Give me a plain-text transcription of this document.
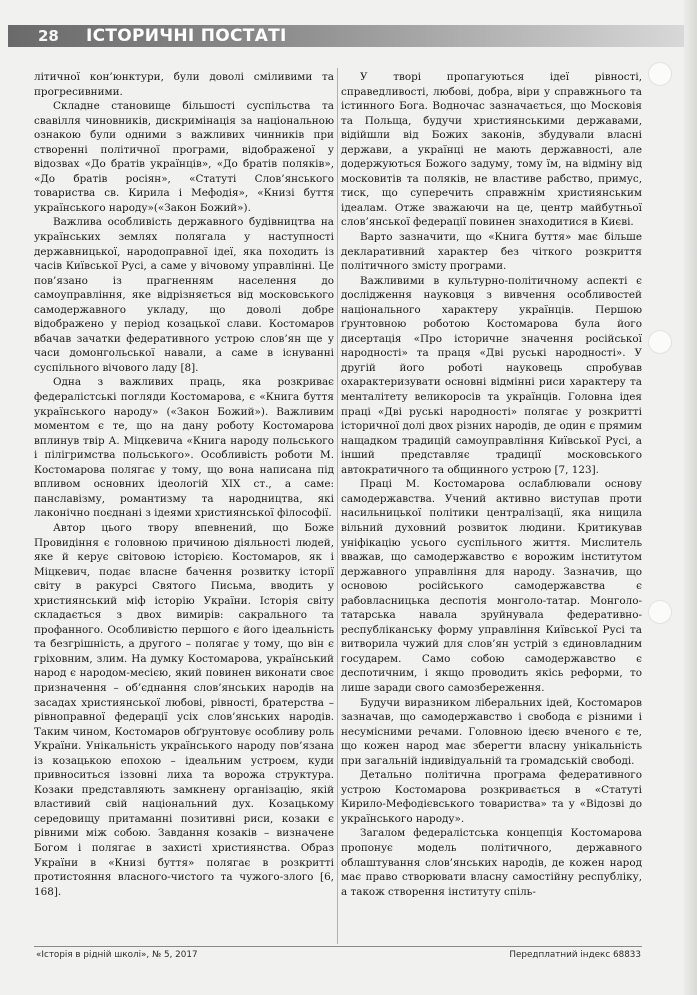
28 ІСТОРИЧНІ ПОСТАТІ

літичної кон’юнктури, були доволі сміливими та прогресивними.

Складне становище більшості суспільства та свавілля чиновників, дискримінація за національною ознакою були одними з важливих чинників при створенні політичної програми, відображеної у відозвах «До братів українців», «До братів поляків», «До братів росіян», «Статуті Слов’янського товариства св. Кирила і Мефодія», «Книзі буття українського народу»(«Закон Божий»).

Важлива особливість державного будівництва на українських землях полягала у наступності державницької, народоправної ідеї, яка походить із часів Київської Русі, а саме у вічовому управлінні. Це пов’язано із прагненням населення до самоуправління, яке відрізняється від московського самодержавного укладу, що доволі добре відображено у період козацької слави. Костомаров вбачав зачатки федеративного устрою слов’ян ще у часи домонгольської навали, а саме в існуванні суспільного вічового ладу [8].

Одна з важливих праць, яка розкриває федералістські погляди Костомарова, є «Книга буття українського народу» («Закон Божий»). Важливим моментом є те, що на дану роботу Костомарова вплинув твір А. Міцкевича «Книга народу польського і пілігримства польського». Особливість роботи М. Костомарова полягає у тому, що вона написана під впливом основних ідеологій XIX ст., а саме: панславізму, романтизму та народництва, які лаконічно поєднані з ідеями християнської філософії.

Автор цього твору впевнений, що Боже Провидіння є головною причиною діяльності людей, яке й керує світовою історією. Костомаров, як і Міцкевич, подає власне бачення розвитку історії світу в ракурсі Святого Письма, вводить у християнський міф історію України. Історія світу складається з двох вимирів: сакрального та профанного. Особливістю першого є його ідеальність та безгрішність, а другого – полягає у тому, що він є гріховним, злим. На думку Костомарова, український народ є народом-месією, який повинен виконати своє призначення – об’єднання слов’янських народів на засадах християнської любові, рівності, братерства – рівноправної федерації усіх слов’янських народів. Таким чином, Костомаров обґрунтовує особливу роль України. Унікальність українського народу пов’язана із козацькою епохою – ідеальним устроєм, куди привноситься іззовні лиха та ворожа структура. Козаки представляють замкнену організацію, якій властивий свій національний дух. Козацькому середовищу притаманні позитивні риси, козаки є рівними між собою. Завдання козаків – визначене Богом і полягає в захисті християнства. Образ України в «Книзі буття» полягає в розкритті протистояння власного-чистого та чужого-злого [6, 168].

У творі пропагуються ідеї рівності, справедливості, любові, добра, віри у справжнього та істинного Бога. Водночас зазначається, що Московія та Польща, будучи християнськими державами, відійшли від Божих законів, збудували власні держави, а українці не мають державності, але додержуються Божого задуму, тому їм, на відміну від московитів та поляків, не властиве рабство, примус, тиск, що суперечить справжнім християнським ідеалам. Отже зважаючи на це, центр майбутньої слов’янської федерації повинен знаходитися в Києві.

Варто зазначити, що «Книга буття» має більше декларативний характер без чіткого розкриття політичного змісту програми.

Важливими в культурно-політичному аспекті є дослідження науковця з вивчення особливостей національного характеру українців. Першою ґрунтовною роботою Костомарова була його дисертація «Про історичне значення російської народності» та праця «Дві руські народності». У другій його роботі науковець спробував охарактеризувати основні відмінні риси характеру та менталітету великоросів та українців. Головна ідея праці «Дві руські народності» полягає у розкритті історичної долі двох різних народів, де один є прямим нащадком традицій самоуправління Київської Русі, а інший представляє традиції московського автократичного та общинного устрою [7, 123].

Праці М. Костомарова ослаблювали основу самодержавства. Учений активно виступав проти насильницької політики централізації, яка нищила вільний духовний розвиток людини. Критикував уніфікацію усього суспільного життя. Мислитель вважав, що самодержавство є ворожим інститутом державного управління для народу. Зазначив, що основою російського самодержавства є рабовласницька деспотія монголо-татар. Монголо-татарська навала зруйнувала федеративно-республіканську форму управління Київської Русі та витворила чужий для слов’ян устрій з єдиновладним государем. Само собою самодержавство є деспотичним, і якщо проводить якісь реформи, то лише заради свого самозбереження.

Будучи виразником ліберальних ідей, Костомаров зазначав, що самодержавство і свобода є різними і несумісними речами. Головною ідеєю вченого є те, що кожен народ має зберегти власну унікальність при загальній індивідуальній та громадській свободі.

Детально політична програма федеративного устрою Костомарова розкривається в «Статуті Кирило-Мефодієвського товариства» та у «Відозві до українського народу».

Загалом федералістська концепція Костомарова пропонує модель політичного, державного облаштування слов’янських народів, де кожен народ має право створювати власну самостійну республіку, а також створення інституту спіль-

«Історія в рідній школі», № 5, 2017	Передплатний індекс 68833
